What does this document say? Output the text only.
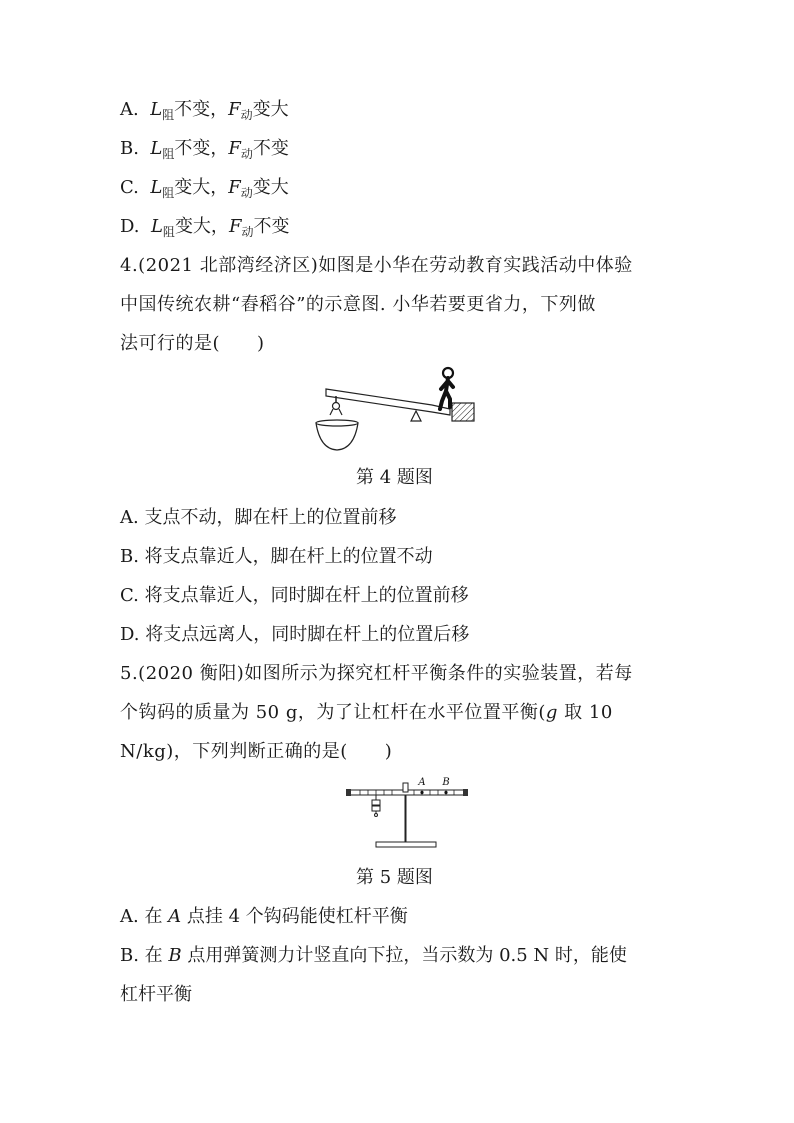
A. $L_阻$不变，$F_动$变大
B. $L_阻$不变，$F_动$不变
C. $L_阻$变大，$F_动$变大
D. $L_阻$变大，$F_动$不变
4.(2021 北部湾经济区)如图是小华在劳动教育实践活动中体验
中国传统农耕“舂稻谷”的示意图. 小华若要更省力，下列做
法可行的是(　　)
第 4 题图
A. 支点不动，脚在杆上的位置前移
B. 将支点靠近人，脚在杆上的位置不动
C. 将支点靠近人，同时脚在杆上的位置前移
D. 将支点远离人，同时脚在杆上的位置后移
5.(2020 衡阳)如图所示为探究杠杆平衡条件的实验装置，若每
个钩码的质量为 50 g，为了让杠杆在水平位置平衡(g 取 10
N/kg)，下列判断正确的是(　　)
A B
第 5 题图
A. 在 A 点挂 4 个钩码能使杠杆平衡
B. 在 B 点用弹簧测力计竖直向下拉，当示数为 0.5 N 时，能使
杠杆平衡
